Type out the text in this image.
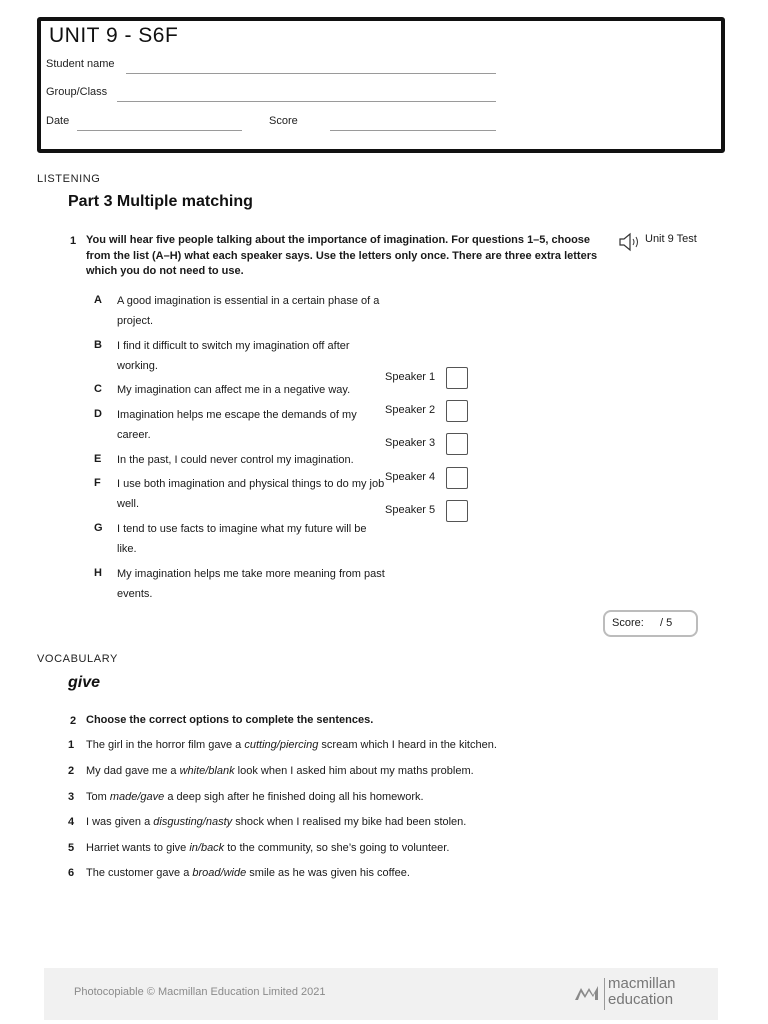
UNIT 9 - S6F
Student name
Group/Class
Date	Score
LISTENING
Part 3 Multiple matching
1 You will hear five people talking about the importance of imagination. For questions 1–5, choose from the list (A–H) what each speaker says. Use the letters only once. There are three extra letters which you do not need to use.
Unit 9 Test
A A good imagination is essential in a certain phase of a project.
B I find it difficult to switch my imagination off after working.
C My imagination can affect me in a negative way.
D Imagination helps me escape the demands of my career.
E In the past, I could never control my imagination.
F I use both imagination and physical things to do my job well.
G I tend to use facts to imagine what my future will be like.
H My imagination helps me take more meaning from past events.
Speaker 1
Speaker 2
Speaker 3
Speaker 4
Speaker 5
Score: / 5
VOCABULARY
give
2 Choose the correct options to complete the sentences.
1 The girl in the horror film gave a cutting/piercing scream which I heard in the kitchen.
2 My dad gave me a white/blank look when I asked him about my maths problem.
3 Tom made/gave a deep sigh after he finished doing all his homework.
4 I was given a disgusting/nasty shock when I realised my bike had been stolen.
5 Harriet wants to give in/back to the community, so she’s going to volunteer.
6 The customer gave a broad/wide smile as he was given his coffee.
Photocopiable © Macmillan Education Limited 2021	macmillan
education
